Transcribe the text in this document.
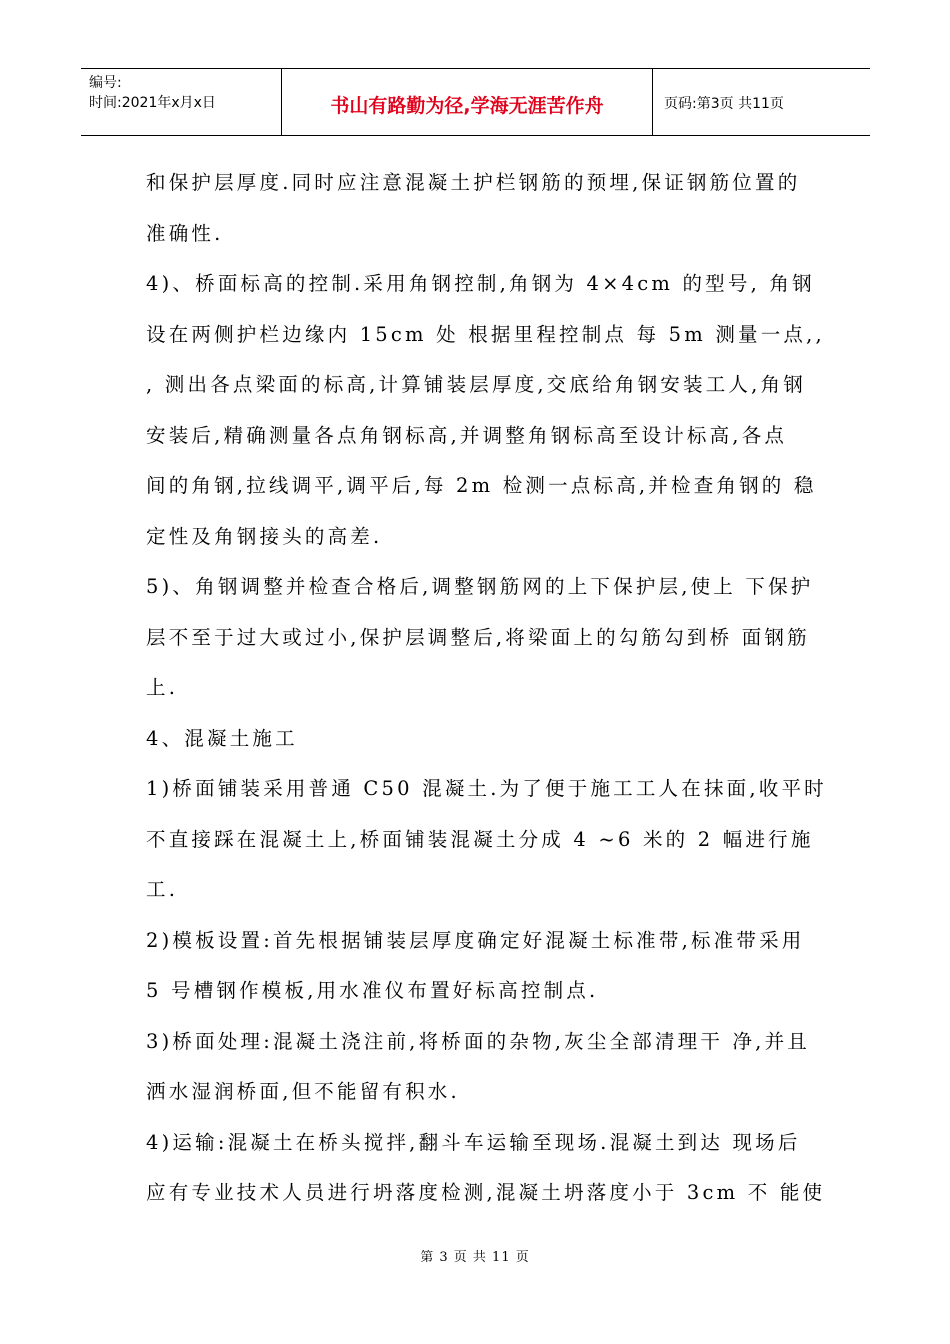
编号:
时间:2021年x月x日	书山有路勤为径,学海无涯苦作舟	页码:第3页 共11页
和保护层厚度.同时应注意混凝土护栏钢筋的预埋,保证钢筋位置的
准确性.
4)、桥面标高的控制.采用角钢控制,角钢为 4×4cm 的型号, 角钢
设在两侧护栏边缘内 15cm 处 根据里程控制点 每 5m 测量一点,,
, 测出各点梁面的标高,计算铺装层厚度,交底给角钢安装工人,角钢
安装后,精确测量各点角钢标高,并调整角钢标高至设计标高,各点
间的角钢,拉线调平,调平后,每 2m 检测一点标高,并检查角钢的 稳
定性及角钢接头的高差.
5)、角钢调整并检查合格后,调整钢筋网的上下保护层,使上 下保护
层不至于过大或过小,保护层调整后,将梁面上的勾筋勾到桥 面钢筋
上.
4、混凝土施工
1)桥面铺装采用普通 C50 混凝土.为了便于施工工人在抹面,收平时
不直接踩在混凝土上,桥面铺装混凝土分成 4 ~6 米的 2 幅进行施
工.
2)模板设置:首先根据铺装层厚度确定好混凝土标准带,标准带采用
5 号槽钢作模板,用水准仪布置好标高控制点.
3)桥面处理:混凝土浇注前,将桥面的杂物,灰尘全部清理干 净,并且
洒水湿润桥面,但不能留有积水.
4)运输:混凝土在桥头搅拌,翻斗车运输至现场.混凝土到达 现场后
应有专业技术人员进行坍落度检测,混凝土坍落度小于 3cm 不 能使
第 3 页 共 11 页
